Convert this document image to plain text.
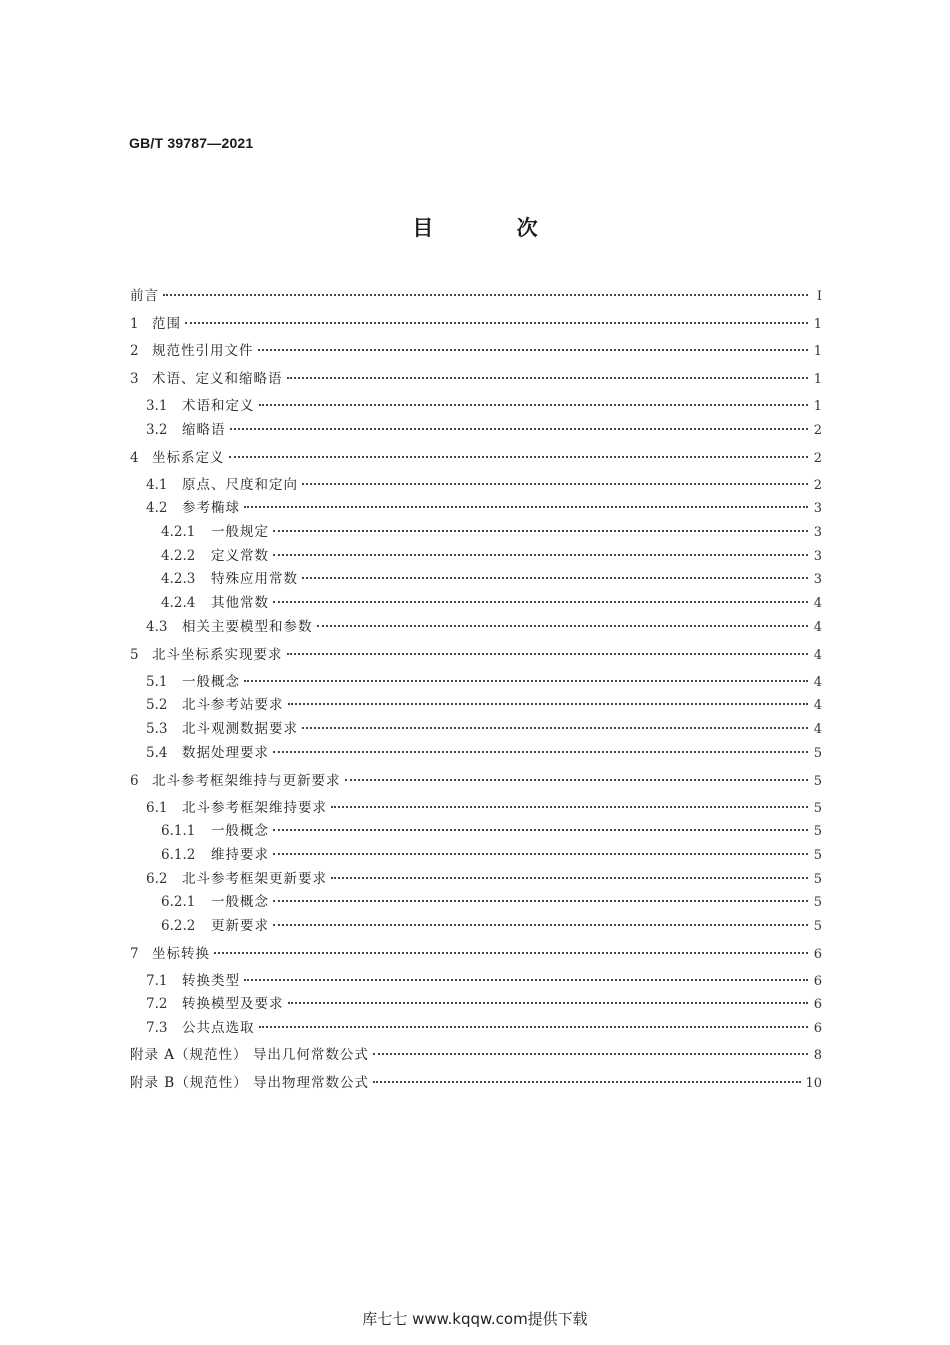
GB/T 39787—2021
目 次
前言	Ⅰ
1 范围	1
2 规范性引用文件	1
3 术语、定义和缩略语	1
3.1	术语和定义	1
3.2	缩略语	2
4 坐标系定义	2
4.1	原点、尺度和定向	2
4.2	参考椭球	3
4.2.1	一般规定	3
4.2.2	定义常数	3
4.2.3	特殊应用常数	3
4.2.4	其他常数	4
4.3	相关主要模型和参数	4
5 北斗坐标系实现要求	4
5.1	一般概念	4
5.2	北斗参考站要求	4
5.3	北斗观测数据要求	4
5.4	数据处理要求	5
6 北斗参考框架维持与更新要求	5
6.1	北斗参考框架维持要求	5
6.1.1	一般概念	5
6.1.2	维持要求	5
6.2	北斗参考框架更新要求	5
6.2.1	一般概念	5
6.2.2	更新要求	5
7 坐标转换	6
7.1	转换类型	6
7.2	转换模型及要求	6
7.3	公共点选取	6
附录 A（规范性） 导出几何常数公式	8
附录 B（规范性） 导出物理常数公式	10
库七七 www.kqqw.com提供下载
